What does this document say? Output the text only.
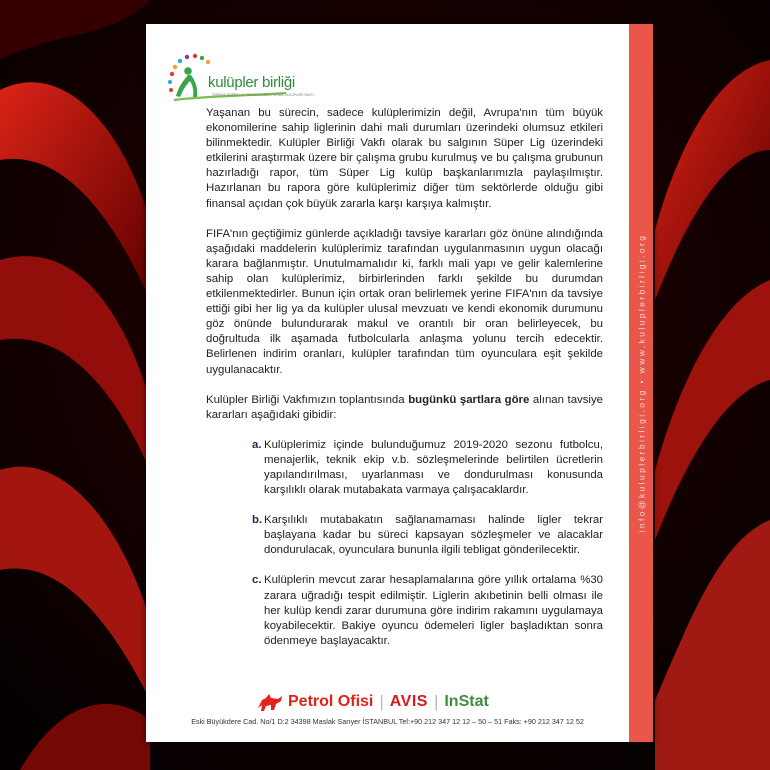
info@kuluplerbirligi.org • www.kuluplerbirligi.org
kulüpler birliği
TÜRKİYE SÜPER LİG PROFESYONEL FUTBOL KULÜPLERİ VAKFI

Yaşanan bu sürecin, sadece kulüplerimizin değil, Avrupa'nın tüm büyük ekonomilerine sahip liglerinin dahi mali durumları üzerindeki olumsuz etkileri bilinmektedir. Kulüpler Birliği Vakfı olarak bu salgının Süper Lig üzerindeki etkilerini araştırmak üzere bir çalışma grubu kurulmuş ve bu çalışma grubunun hazırladığı rapor, tüm Süper Lig kulüp başkanlarımızla paylaşılmıştır. Hazırlanan bu rapora göre kulüplerimiz diğer tüm sektörlerde olduğu gibi finansal açıdan çok büyük zararla karşı karşıya kalmıştır.

FIFA'nın geçtiğimiz günlerde açıkladığı tavsiye kararları göz önüne alındığında aşağıdaki maddelerin kulüplerimiz tarafından uygulanmasının uygun olacağı karara bağlanmıştır. Unutulmamalıdır ki, farklı mali yapı ve gelir kalemlerine sahip olan kulüplerimiz, birbirlerinden farklı şekilde bu durumdan etkilenmektedirler. Bunun için ortak oran belirlemek yerine FIFA'nın da tavsiye ettiği gibi her lig ya da kulüpler ulusal mevzuatı ve kendi ekonomik durumunu göz önünde bulundurarak makul ve orantılı bir oran belirleyecek, bu doğrultuda ilk aşamada futbolcularla anlaşma yolunu tercih edecektir. Belirlenen indirim oranları, kulüpler tarafından tüm oyunculara eşit şekilde uygulanacaktır.

Kulüpler Birliği Vakfımızın toplantısında bugünkü şartlara göre alınan tavsiye kararları aşağıdaki gibidir:

a. Kulüplerimiz içinde bulunduğumuz 2019-2020 sezonu futbolcu, menajerlik, teknik ekip v.b. sözleşmelerinde belirtilen ücretlerin yapılandırılması, uyarlanması ve dondurulması konusunda karşılıklı olarak mutabakata varmaya çalışacaklardır.
b. Karşılıklı mutabakatın sağlanamaması halinde ligler tekrar başlayana kadar bu süreci kapsayan sözleşmeler ve alacaklar dondurulacak, oyunculara bununla ilgili tebligat gönderilecektir.
c. Kulüplerin mevcut zarar hesaplamalarına göre yıllık ortalama %30 zarara uğradığı tespit edilmiştir. Liglerin akıbetinin belli olması ile her kulüp kendi zarar durumuna göre indirim rakamını uygulamaya koyabilecektir. Bakiye oyuncu ödemeleri ligler başladıktan sonra ödenmeye başlayacaktır.
Petrol Ofisi | AVIS | InStat
Eski Büyükdere Cad. No/1 D:2 34398 Maslak Sarıyer İSTANBUL Tel:+90 212 347 12 12 – 50 – 51 Faks: +90 212 347 12 52
